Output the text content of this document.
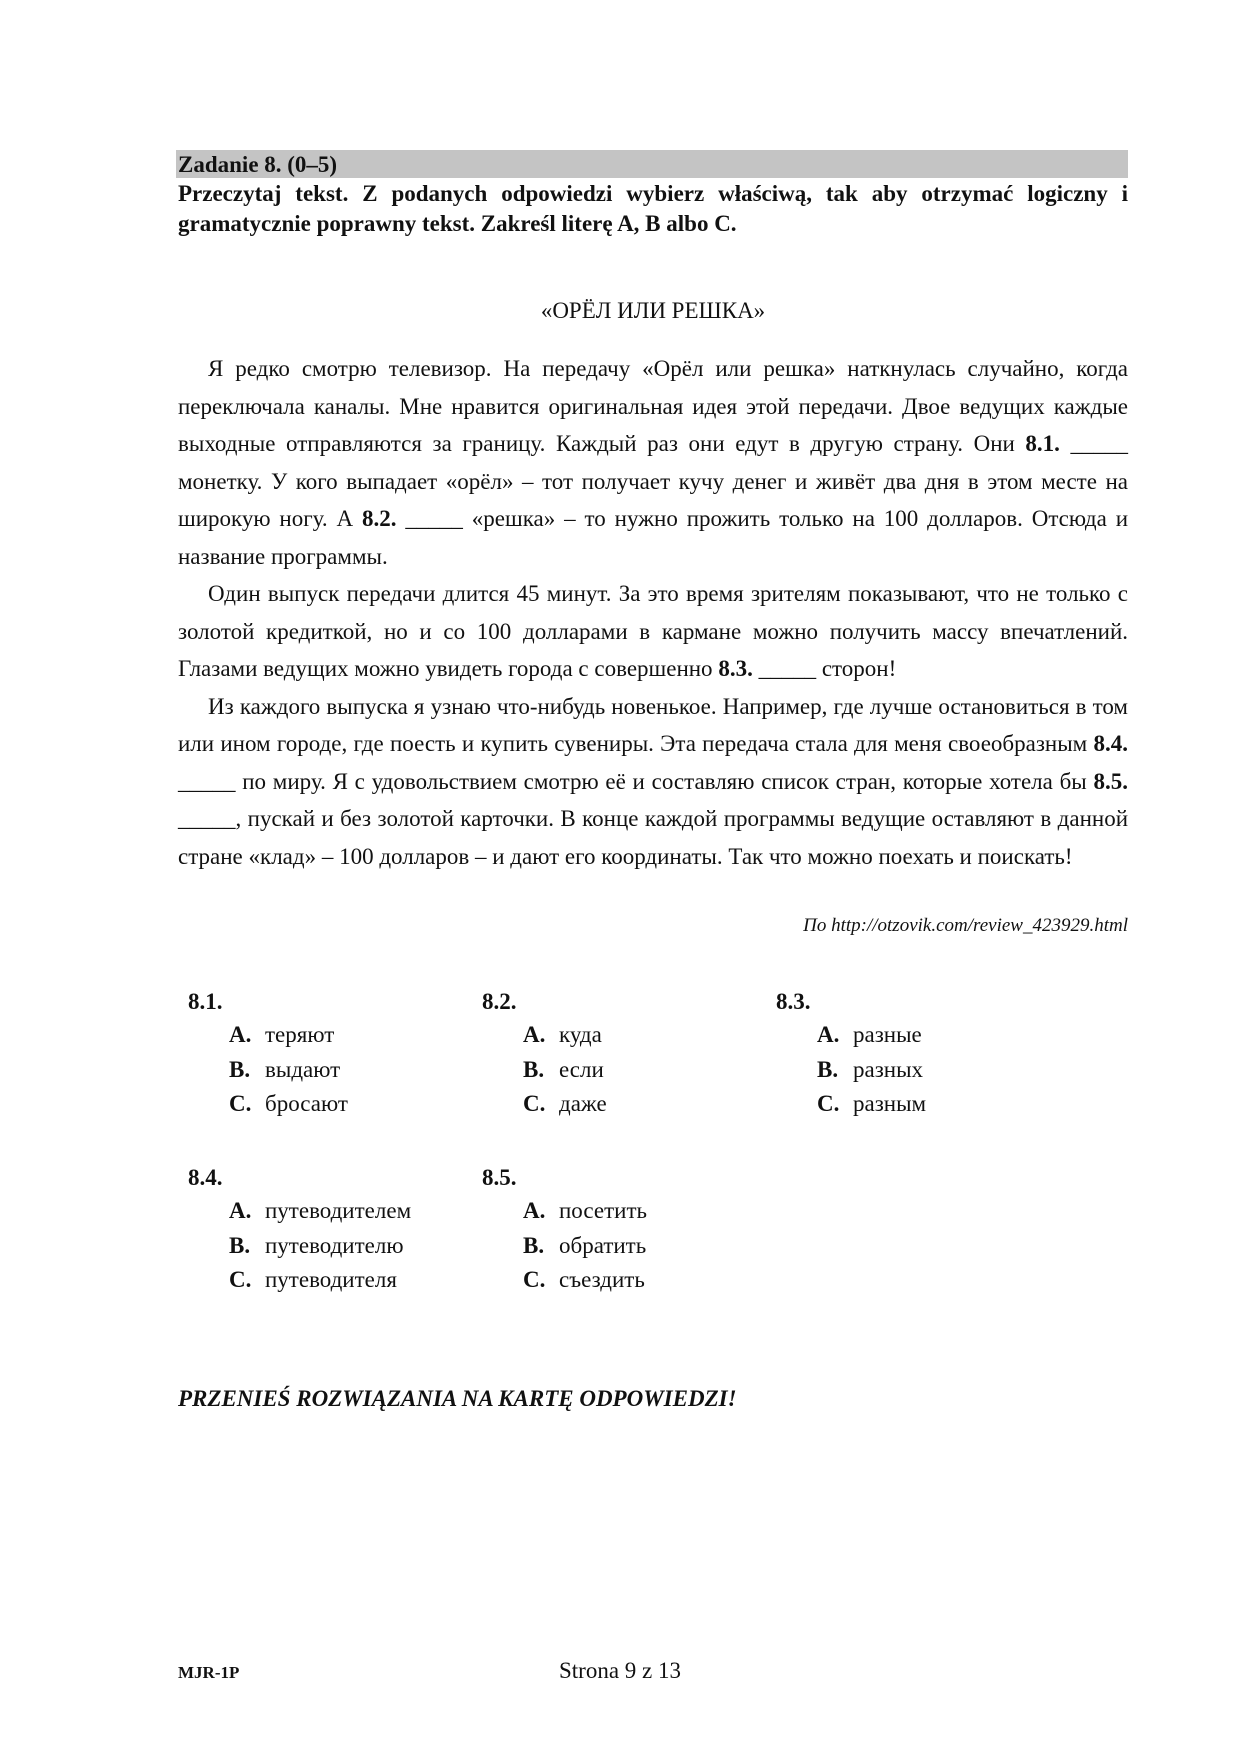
Zadanie 8. (0–5)
Przeczytaj tekst. Z podanych odpowiedzi wybierz właściwą, tak aby otrzymać logiczny i gramatycznie poprawny tekst. Zakreśl literę A, B albo C.
«ОРЁЛ ИЛИ РЕШКА»

Я редко смотрю телевизор. На передачу «Орёл или решка» наткнулась случайно, когда переключала каналы. Мне нравится оригинальная идея этой передачи. Двое ведущих каждые выходные отправляются за границу. Каждый раз они едут в другую страну. Они 8.1. _____ монетку. У кого выпадает «орёл» – тот получает кучу денег и живёт два дня в этом месте на широкую ногу. А 8.2. _____ «решка» – то нужно прожить только на 100 долларов. Отсюда и название программы.

Один выпуск передачи длится 45 минут. За это время зрителям показывают, что не только с золотой кредиткой, но и со 100 долларами в кармане можно получить массу впечатлений. Глазами ведущих можно увидеть города с совершенно 8.3. _____ сторон!

Из каждого выпуска я узнаю что-нибудь новенькое. Например, где лучше остановиться в том или ином городе, где поесть и купить сувениры. Эта передача стала для меня своеобразным 8.4. _____ по миру. Я с удовольствием смотрю её и составляю список стран, которые хотела бы 8.5. _____, пускай и без золотой карточки. В конце каждой программы ведущие оставляют в данной стране «клад» – 100 долларов – и дают его координаты. Так что можно поехать и поискать!

По http://otzovik.com/review_423929.html
8.1.
A. теряют
B. выдают
C. бросают
8.2.
A. куда
B. если
C. даже
8.3.
A. разные
B. разных
C. разным
8.4.
A. путеводителем
B. путеводителю
C. путеводителя
8.5.
A. посетить
B. обратить
C. съездить
PRZENIEŚ ROZWIĄZANIA NA KARTĘ ODPOWIEDZI!
MJR-1P	Strona 9 z 13
